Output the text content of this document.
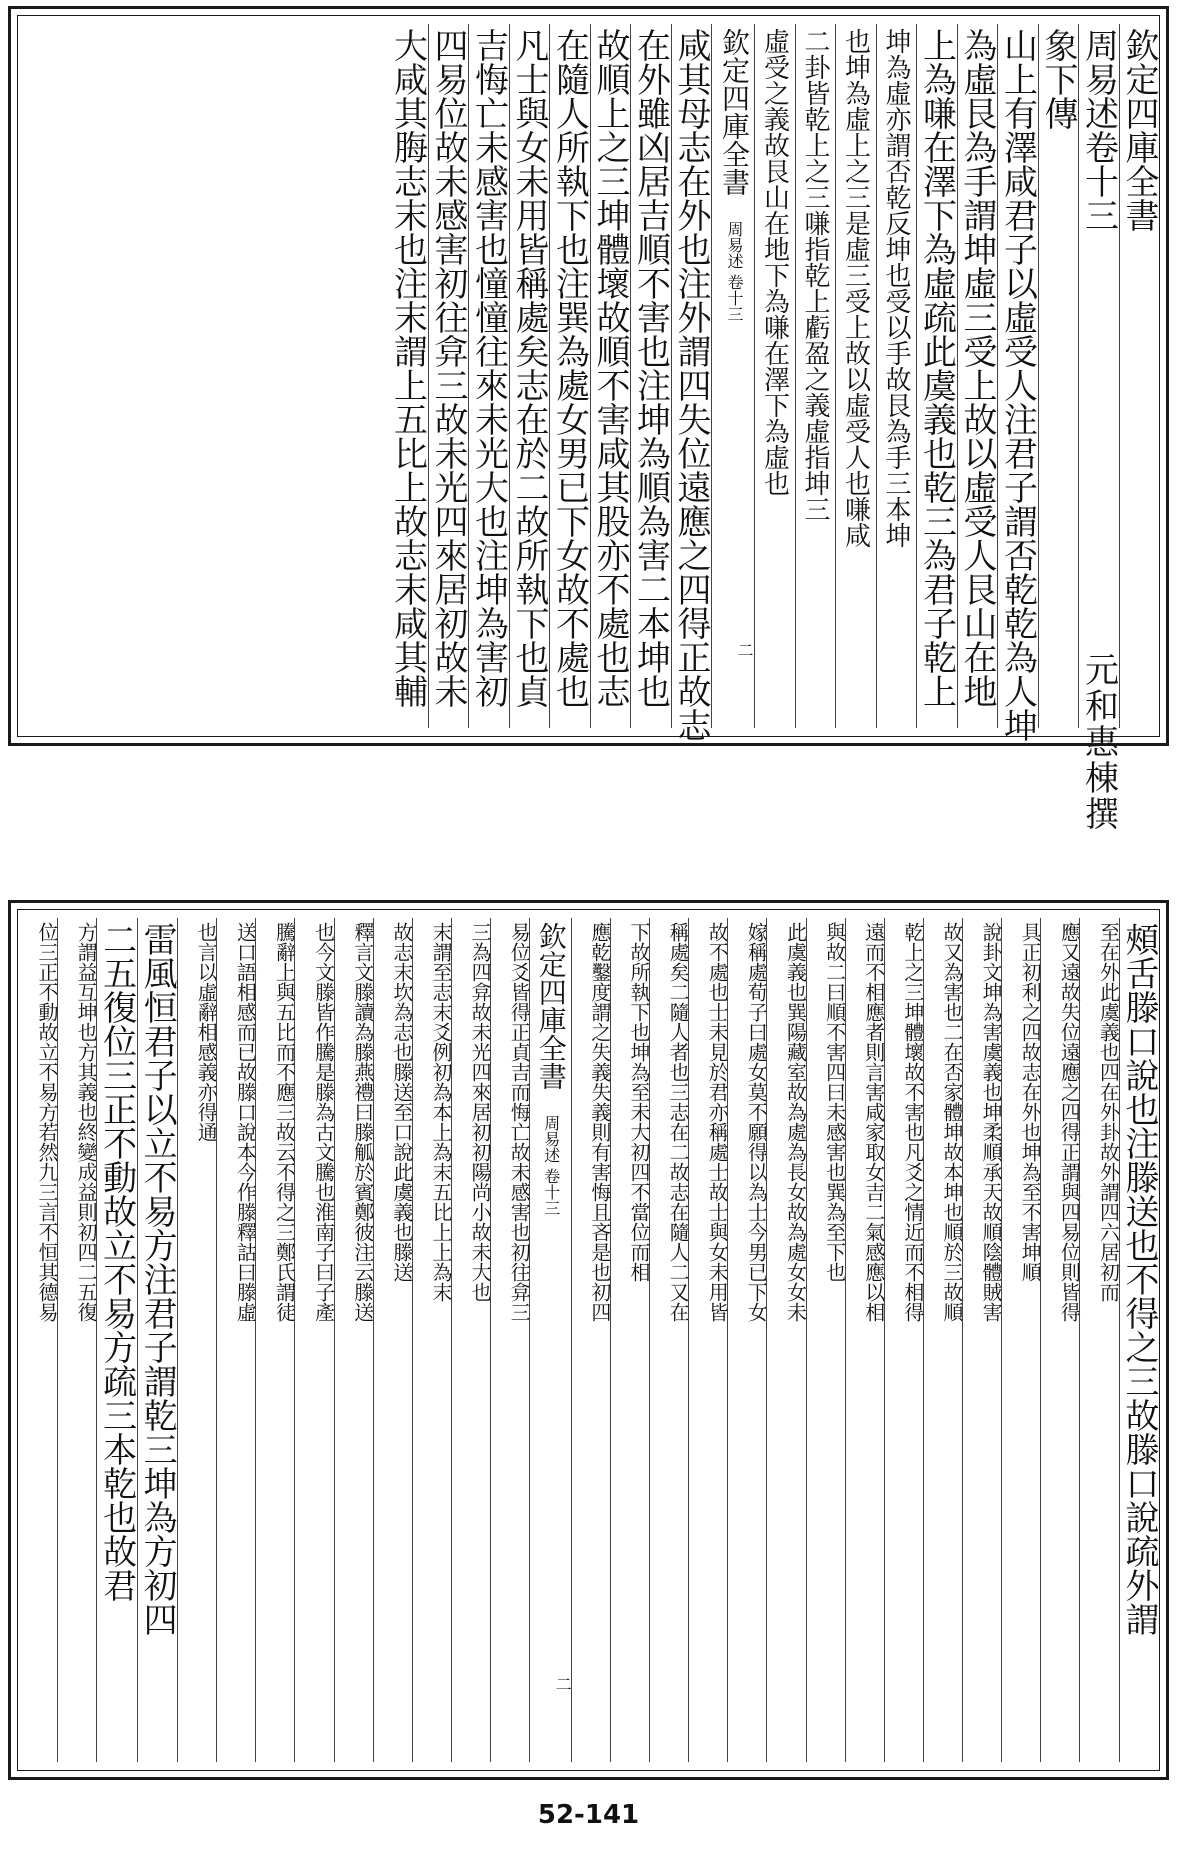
欽定四庫全書
周易述卷十三元和惠棟撰
象下傳
山上有澤咸君子以虛受人注君子謂否乾乾為人坤
為虛艮為手謂坤虛三受上故以虛受人艮山在地
上為嗛在澤下為虛疏此虞義也乾三為君子乾上
坤為虛亦謂否乾反坤也受以手故艮為手三本坤
也坤為虛上之三是虛三受上故以虛受人也嗛咸
二卦皆乾上之三嗛指乾上虧盈之義虛指坤三
虛受之義故艮山在地下為嗛在澤下為虛也
欽定四庫全書 周易述 卷十三
二
咸其母志在外也注外謂四失位遠應之四得正故志
在外雖凶居吉順不害也注坤為順為害二本坤也
故順上之三坤體壞故順不害咸其股亦不處也志
在隨人所執下也注巽為處女男已下女故不處也
凡士與女未用皆稱處矣志在於二故所執下也貞
吉悔亡未感害也憧憧往來未光大也注坤為害初
四易位故未感害初往弇三故未光四來居初故未
大咸其脢志末也注末謂上五比上故志末咸其輔
頰舌滕口說也注滕送也不得之三故滕口說疏外謂
至在外此虞義也四在外卦故外謂四六居初而
應又遠故失位遠應之四得正謂與四易位則皆得
具正初利之四故志在外也坤為至不害坤順
說卦文坤為害虞義也坤柔順承天故順陰體賊害
故又為害也二在否家體坤故本坤也順於三故順
乾上之三坤體壞故不害也凡爻之情近而不相得
遠而不相應者則言害咸家取女吉二氣感應以相
與故二曰順不害四曰未感害也巽為至下也
此虞義也巽陽藏室故為處為長女故為處女女未
嫁稱處荀子曰處女莫不願得以為士今男已下女
故不處也士未見於君亦稱處士故士與女未用皆
稱處矣二隨人者也三志在二故志在隨人二又在
下故所執下也坤為至未大初四不當位而相
應乾鑿度謂之失義失義則有害悔且吝是也初四
欽定四庫全書 周易述 卷十三
二
易位爻皆得正貞吉而悔亡故未感害也初往弇三
三為四弇故未光四來居初初陽尚小故未大也
末謂至志末爻例初為本上為末五比上上為末
故志末坎為志也滕送至口說此虞義也滕送
釋言文滕讀為滕燕禮曰滕觚於賓鄭彼注云滕送
也今文滕皆作騰是滕為古文騰也淮南子曰子產
騰辭上與五比而不應三故云不得之三鄭氏謂徒
送口語相感而已故滕口說本今作滕釋詁曰滕虛
也言以虛辭相感義亦得通
雷風恒君子以立不易方注君子謂乾三坤為方初四
二五復位三正不動故立不易方疏三本乾也故君
方謂益互坤也方其義也終變成益則初四二五復
位三正不動故立不易方若然九三言不恒其德易
52-141
